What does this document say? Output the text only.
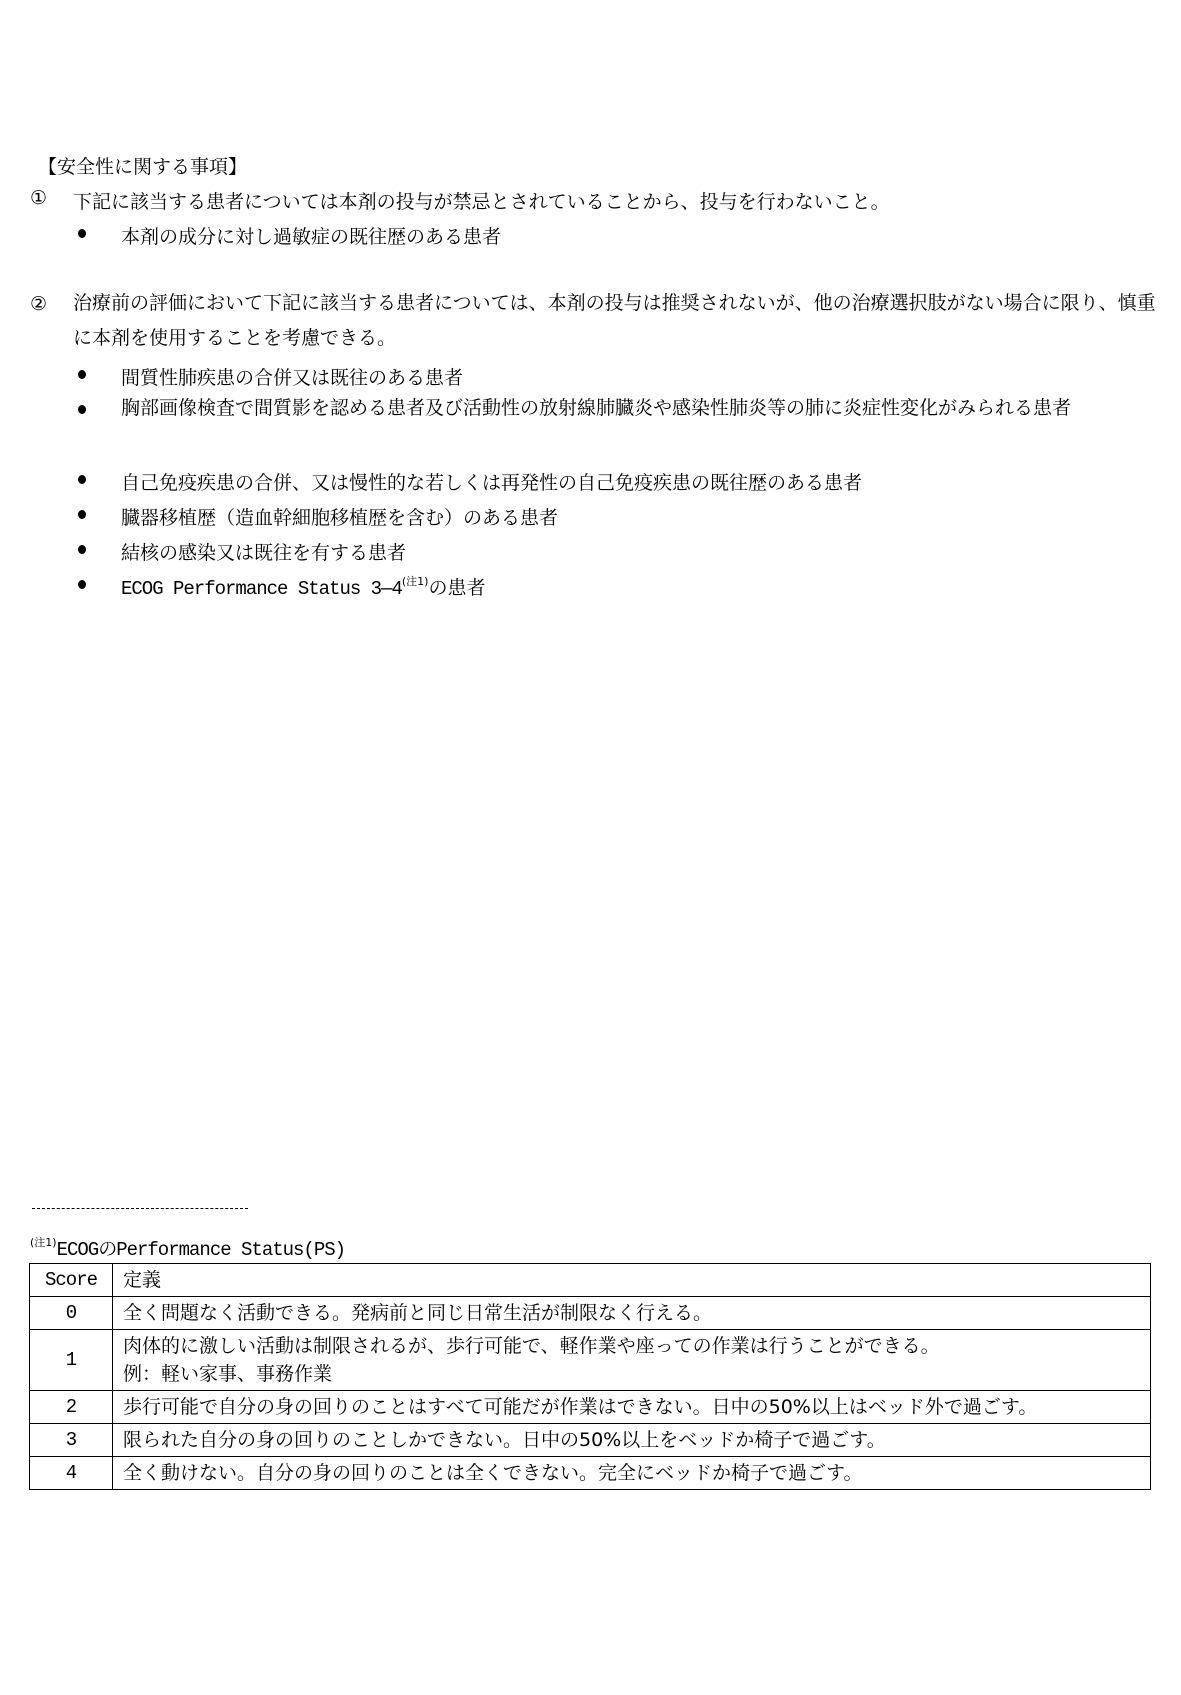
【安全性に関する事項】
① 下記に該当する患者については本剤の投与が禁忌とされていることから、投与を行わないこと。
本剤の成分に対し過敏症の既往歴のある患者
② 治療前の評価において下記に該当する患者については、本剤の投与は推奨されないが、他の治療選択肢がない場合に限り、慎重に本剤を使用することを考慮できる。
間質性肺疾患の合併又は既往のある患者
胸部画像検査で間質影を認める患者及び活動性の放射線肺臓炎や感染性肺炎等の肺に炎症性変化がみられる患者
自己免疫疾患の合併、又は慢性的な若しくは再発性の自己免疫疾患の既往歴のある患者
臓器移植歴（造血幹細胞移植歴を含む）のある患者
結核の感染又は既往を有する患者
ECOG Performance Status $3—4^{(注1)}$の患者
$^{(注1)}$ECOGのPerformance Status(PS)
Score	定義
0	全く問題なく活動できる。発病前と同じ日常生活が制限なく行える。
1	肉体的に激しい活動は制限されるが、歩行可能で、軽作業や座っての作業は行うことができる。
例：軽い家事、事務作業

2	歩行可能で自分の身の回りのことはすべて可能だが作業はできない。日中の50%以上はベッド外で過ごす。
3	限られた自分の身の回りのことしかできない。日中の50%以上をベッドか椅子で過ごす。
4	全く動けない。自分の身の回りのことは全くできない。完全にベッドか椅子で過ごす。
